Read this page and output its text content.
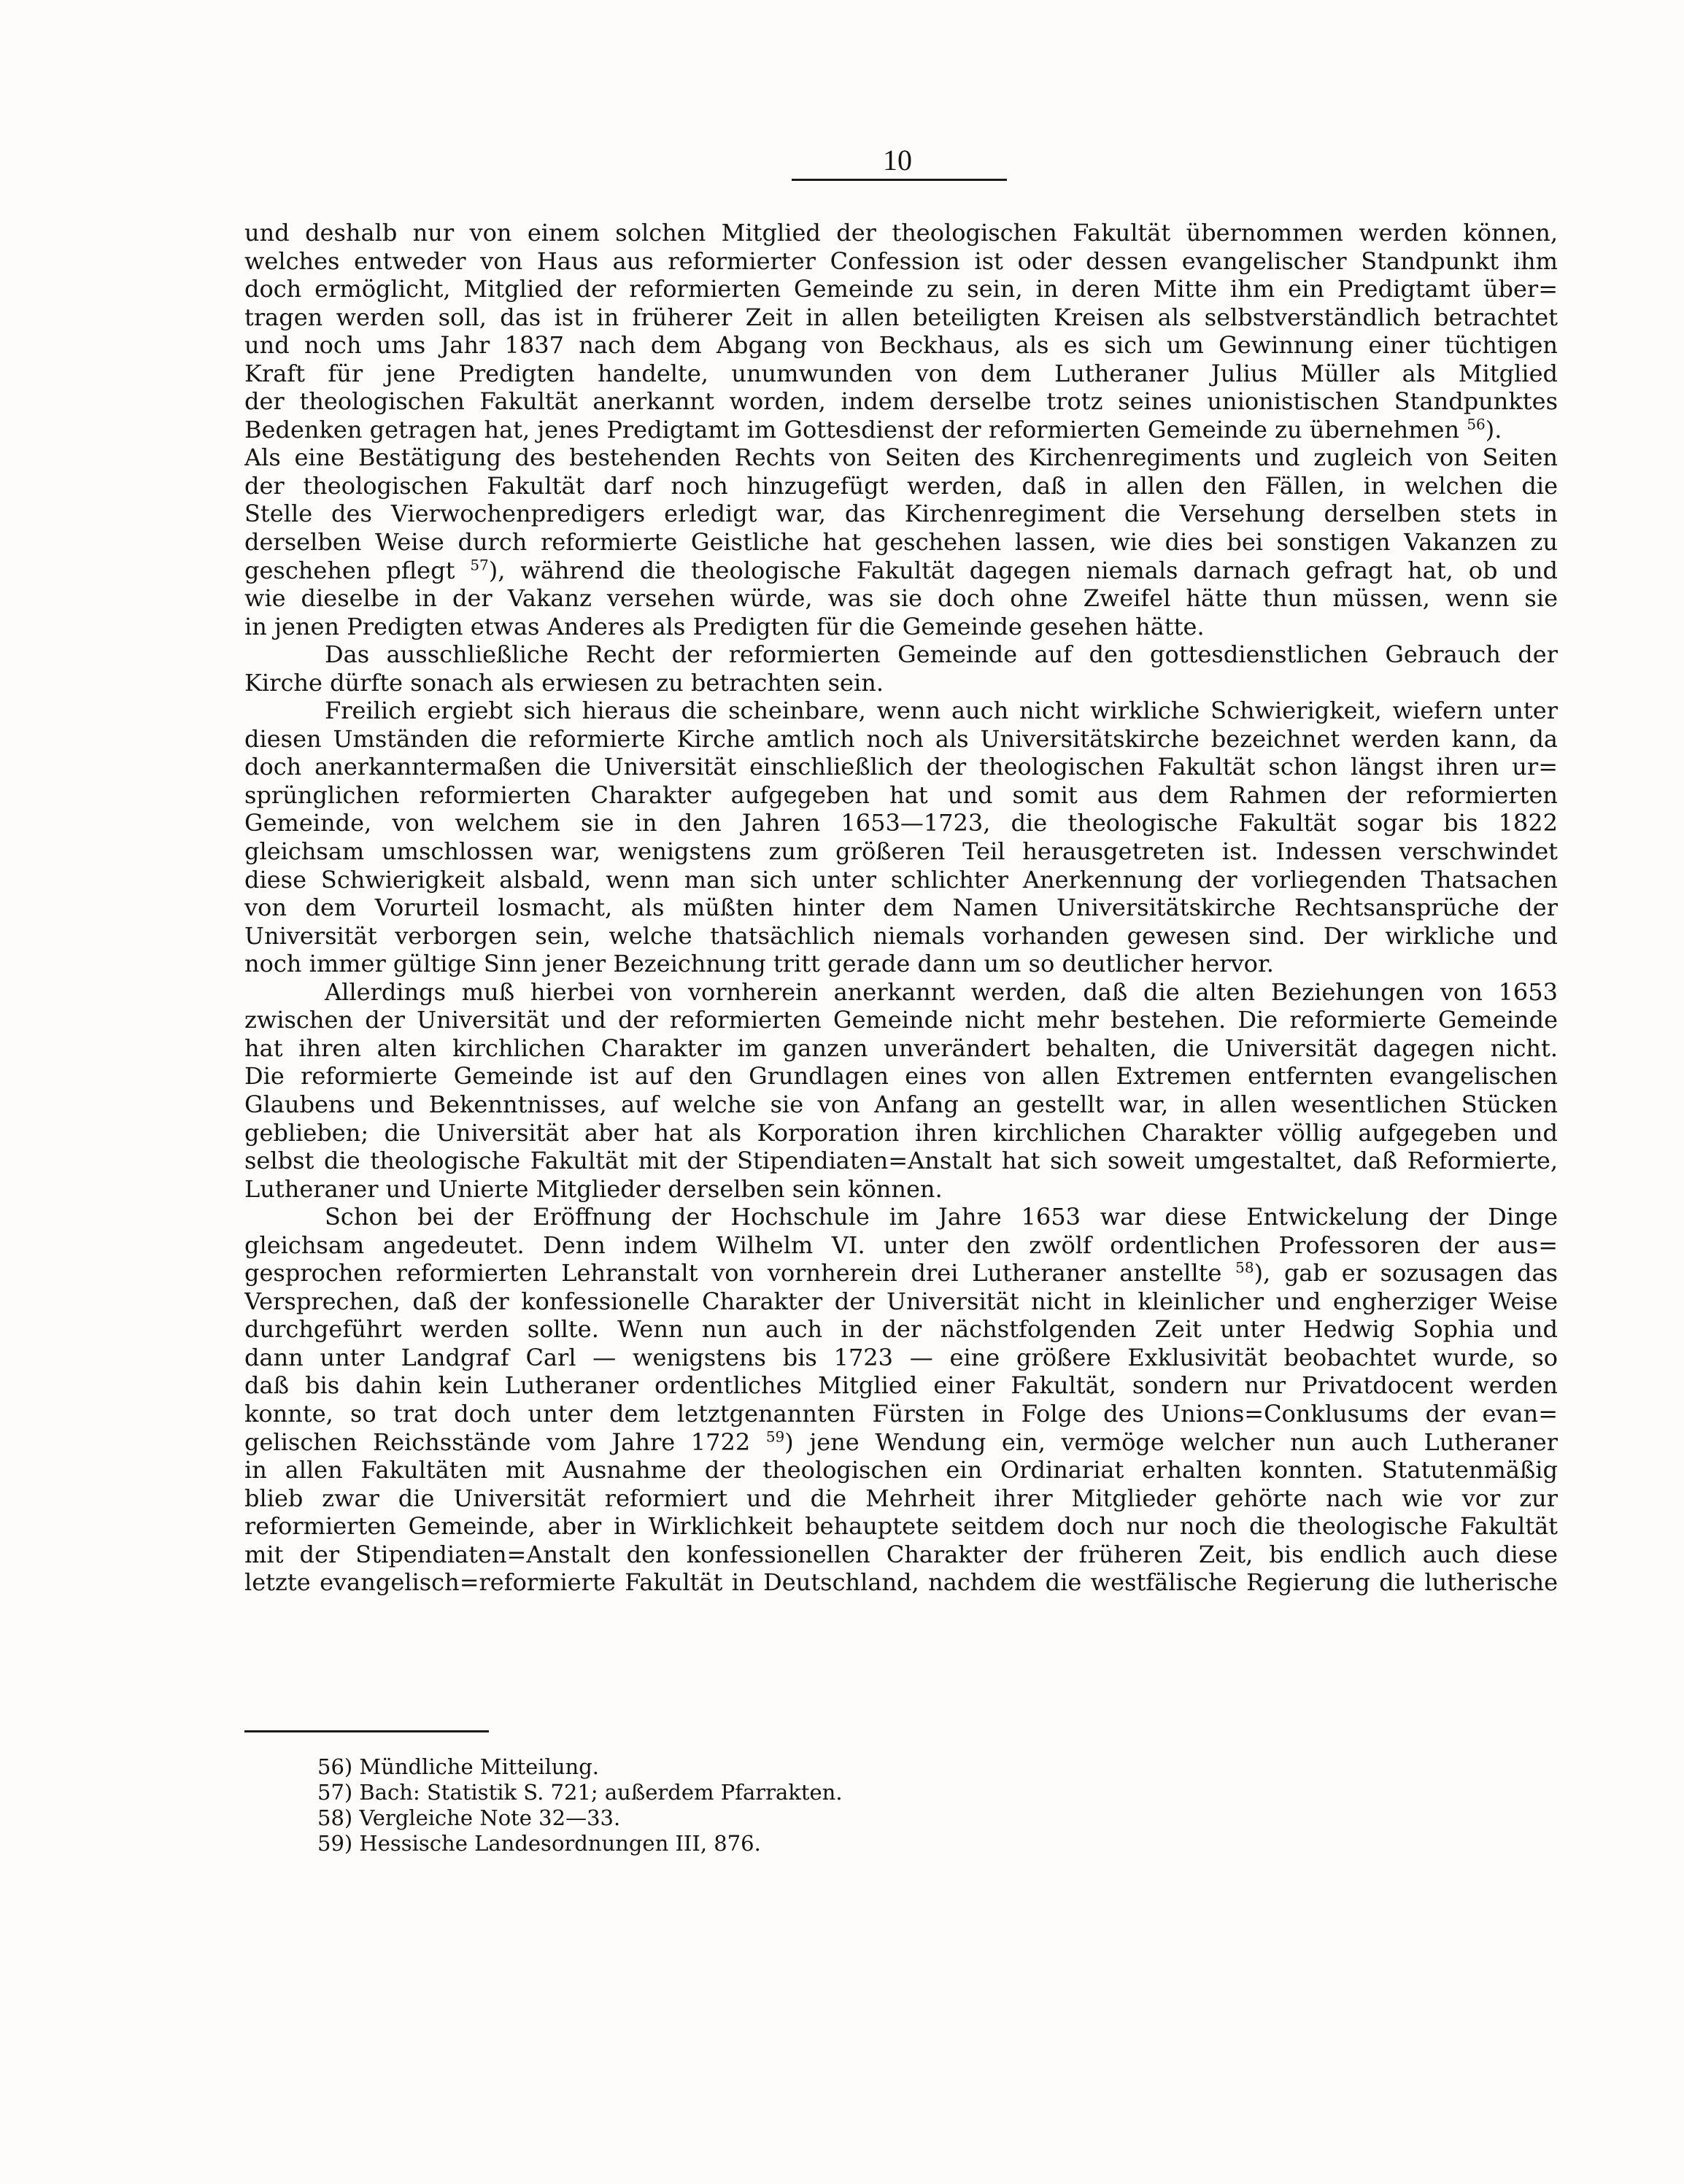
10
und deshalb nur von einem solchen Mitglied der theologischen Fakultät übernommen werden können,
welches entweder von Haus aus reformierter Confession ist oder dessen evangelischer Standpunkt ihm
doch ermöglicht, Mitglied der reformierten Gemeinde zu sein, in deren Mitte ihm ein Predigtamt über=
tragen werden soll, das ist in früherer Zeit in allen beteiligten Kreisen als selbstverständlich betrachtet
und noch ums Jahr 1837 nach dem Abgang von Beckhaus, als es sich um Gewinnung einer tüchtigen
Kraft für jene Predigten handelte, unumwunden von dem Lutheraner Julius Müller als Mitglied
der theologischen Fakultät anerkannt worden, indem derselbe trotz seines unionistischen Standpunktes
Bedenken getragen hat, jenes Predigtamt im Gottesdienst der reformierten Gemeinde zu übernehmen $^{56}$).
Als eine Bestätigung des bestehenden Rechts von Seiten des Kirchenregiments und zugleich von Seiten
der theologischen Fakultät darf noch hinzugefügt werden, daß in allen den Fällen, in welchen die
Stelle des Vierwochenpredigers erledigt war, das Kirchenregiment die Versehung derselben stets in
derselben Weise durch reformierte Geistliche hat geschehen lassen, wie dies bei sonstigen Vakanzen zu
geschehen pflegt $^{57}$), während die theologische Fakultät dagegen niemals darnach gefragt hat, ob und
wie dieselbe in der Vakanz versehen würde, was sie doch ohne Zweifel hätte thun müssen, wenn sie
in jenen Predigten etwas Anderes als Predigten für die Gemeinde gesehen hätte.
Das ausschließliche Recht der reformierten Gemeinde auf den gottesdienstlichen Gebrauch der
Kirche dürfte sonach als erwiesen zu betrachten sein.
Freilich ergiebt sich hieraus die scheinbare, wenn auch nicht wirkliche Schwierigkeit, wiefern unter
diesen Umständen die reformierte Kirche amtlich noch als Universitätskirche bezeichnet werden kann, da
doch anerkanntermaßen die Universität einschließlich der theologischen Fakultät schon längst ihren ur=
sprünglichen reformierten Charakter aufgegeben hat und somit aus dem Rahmen der reformierten
Gemeinde, von welchem sie in den Jahren 1653—1723, die theologische Fakultät sogar bis 1822
gleichsam umschlossen war, wenigstens zum größeren Teil herausgetreten ist. Indessen verschwindet
diese Schwierigkeit alsbald, wenn man sich unter schlichter Anerkennung der vorliegenden Thatsachen
von dem Vorurteil losmacht, als müßten hinter dem Namen Universitätskirche Rechtsansprüche der
Universität verborgen sein, welche thatsächlich niemals vorhanden gewesen sind. Der wirkliche und
noch immer gültige Sinn jener Bezeichnung tritt gerade dann um so deutlicher hervor.
Allerdings muß hierbei von vornherein anerkannt werden, daß die alten Beziehungen von 1653
zwischen der Universität und der reformierten Gemeinde nicht mehr bestehen. Die reformierte Gemeinde
hat ihren alten kirchlichen Charakter im ganzen unverändert behalten, die Universität dagegen nicht.
Die reformierte Gemeinde ist auf den Grundlagen eines von allen Extremen entfernten evangelischen
Glaubens und Bekenntnisses, auf welche sie von Anfang an gestellt war, in allen wesentlichen Stücken
geblieben; die Universität aber hat als Korporation ihren kirchlichen Charakter völlig aufgegeben und
selbst die theologische Fakultät mit der Stipendiaten=Anstalt hat sich soweit umgestaltet, daß Reformierte,
Lutheraner und Unierte Mitglieder derselben sein können.
Schon bei der Eröffnung der Hochschule im Jahre 1653 war diese Entwickelung der Dinge
gleichsam angedeutet. Denn indem Wilhelm VI. unter den zwölf ordentlichen Professoren der aus=
gesprochen reformierten Lehranstalt von vornherein drei Lutheraner anstellte $^{58}$), gab er sozusagen das
Versprechen, daß der konfessionelle Charakter der Universität nicht in kleinlicher und engherziger Weise
durchgeführt werden sollte. Wenn nun auch in der nächstfolgenden Zeit unter Hedwig Sophia und
dann unter Landgraf Carl — wenigstens bis 1723 — eine größere Exklusivität beobachtet wurde, so
daß bis dahin kein Lutheraner ordentliches Mitglied einer Fakultät, sondern nur Privatdocent werden
konnte, so trat doch unter dem letztgenannten Fürsten in Folge des Unions=Conklusums der evan=
gelischen Reichsstände vom Jahre 1722 $^{59}$) jene Wendung ein, vermöge welcher nun auch Lutheraner
in allen Fakultäten mit Ausnahme der theologischen ein Ordinariat erhalten konnten. Statutenmäßig
blieb zwar die Universität reformiert und die Mehrheit ihrer Mitglieder gehörte nach wie vor zur
reformierten Gemeinde, aber in Wirklichkeit behauptete seitdem doch nur noch die theologische Fakultät
mit der Stipendiaten=Anstalt den konfessionellen Charakter der früheren Zeit, bis endlich auch diese
letzte evangelisch=reformierte Fakultät in Deutschland, nachdem die westfälische Regierung die lutherische
56) Mündliche Mitteilung.
57) Bach: Statistik S. 721; außerdem Pfarrakten.
58) Vergleiche Note 32—33.
59) Hessische Landesordnungen III, 876.
